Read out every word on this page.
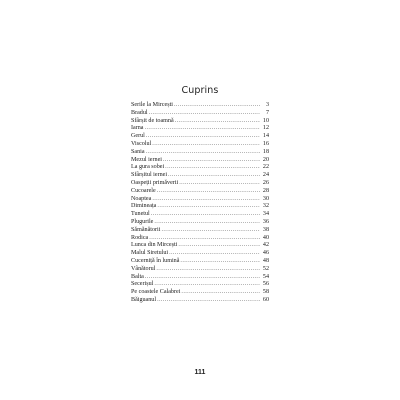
Cuprins
Serile la Mircești .....	3
Bradul .....	7
Sfârșit de toamnă .....	10
Iarna .....	12
Gerul .....	14
Viscolul .....	16
Sania .....	18
Mezul iernei .....	20
La gura sobei .....	22
Sfârșitul iernei .....	24
Oaspeții primăverii .....	26
Cucoarele .....	28
Noaptea .....	30
Dimineața .....	32
Tunetul .....	34
Plugurile .....	36
Sămănătorii .....	38
Rodica .....	40
Lunca din Mircești .....	42
Malul Siretului .....	46
Cucerniță în lumină .....	48
Vânătorul .....	52
Balta .....	54
Secerișul .....	56
Pe coastele Calabrei .....	58
Băiguanul .....	60
111
